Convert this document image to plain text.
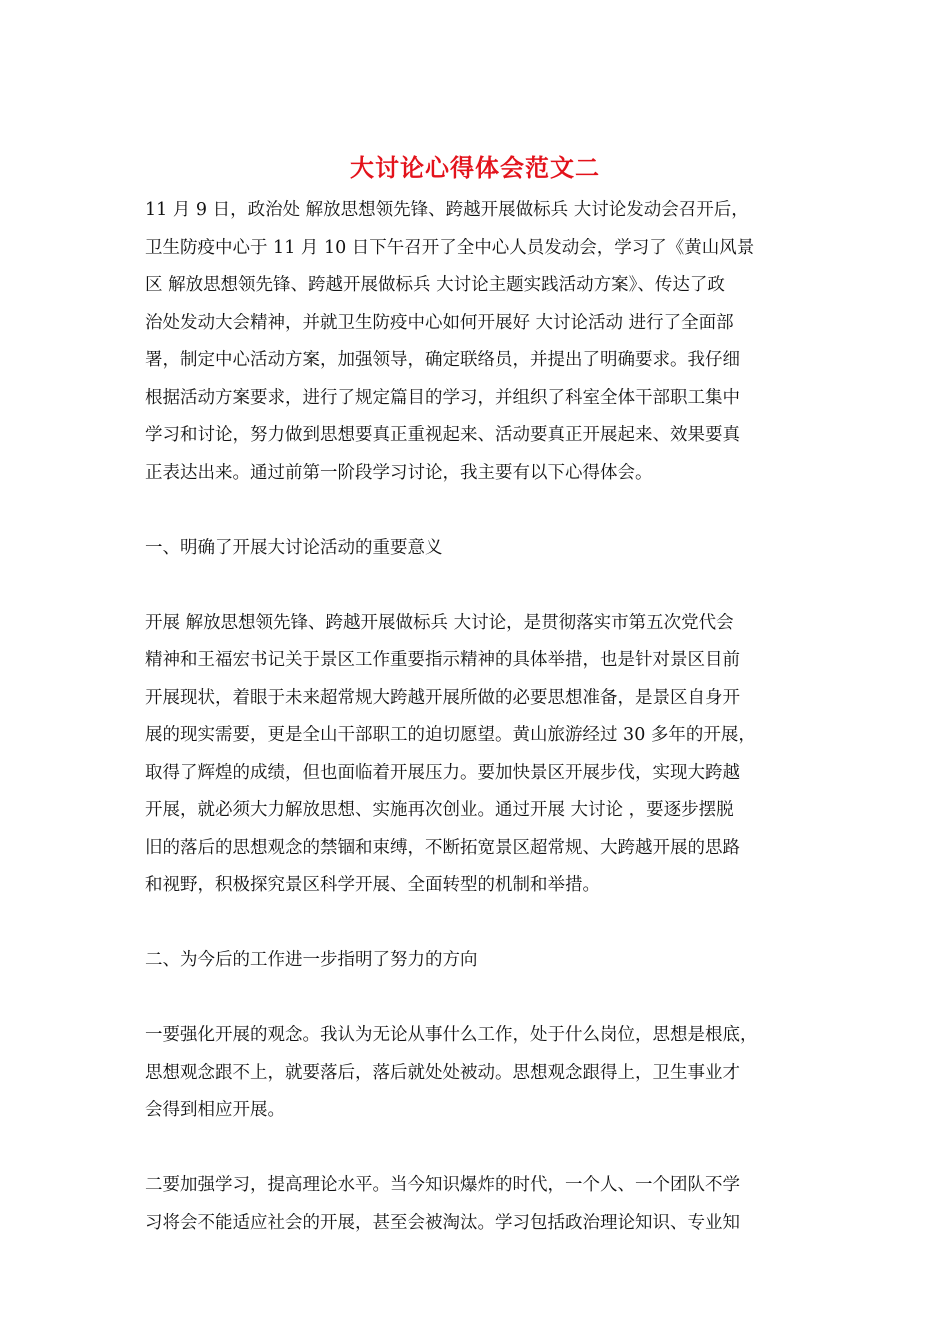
大讨论心得体会范文二

11 月 9 日，政治处 解放思想领先锋、跨越开展做标兵 大讨论发动会召开后，
卫生防疫中心于 11 月 10 日下午召开了全中心人员发动会，学习了《黄山风景
区 解放思想领先锋、跨越开展做标兵 大讨论主题实践活动方案》、传达了政
治处发动大会精神，并就卫生防疫中心如何开展好 大讨论活动 进行了全面部
署，制定中心活动方案，加强领导，确定联络员，并提出了明确要求。我仔细
根据活动方案要求，进行了规定篇目的学习，并组织了科室全体干部职工集中
学习和讨论，努力做到思想要真正重视起来、活动要真正开展起来、效果要真
正表达出来。通过前第一阶段学习讨论，我主要有以下心得体会。

一、明确了开展大讨论活动的重要意义

开展 解放思想领先锋、跨越开展做标兵 大讨论，是贯彻落实市第五次党代会
精神和王福宏书记关于景区工作重要指示精神的具体举措，也是针对景区目前
开展现状，着眼于未来超常规大跨越开展所做的必要思想准备，是景区自身开
展的现实需要，更是全山干部职工的迫切愿望。黄山旅游经过 30 多年的开展，
取得了辉煌的成绩，但也面临着开展压力。要加快景区开展步伐，实现大跨越
开展，就必须大力解放思想、实施再次创业。通过开展 大讨论 ，要逐步摆脱
旧的落后的思想观念的禁锢和束缚，不断拓宽景区超常规、大跨越开展的思路
和视野，积极探究景区科学开展、全面转型的机制和举措。

二、为今后的工作进一步指明了努力的方向

一要强化开展的观念。我认为无论从事什么工作，处于什么岗位，思想是根底，
思想观念跟不上，就要落后，落后就处处被动。思想观念跟得上，卫生事业才
会得到相应开展。

二要加强学习，提高理论水平。当今知识爆炸的时代，一个人、一个团队不学
习将会不能适应社会的开展，甚至会被淘汰。学习包括政治理论知识、专业知
